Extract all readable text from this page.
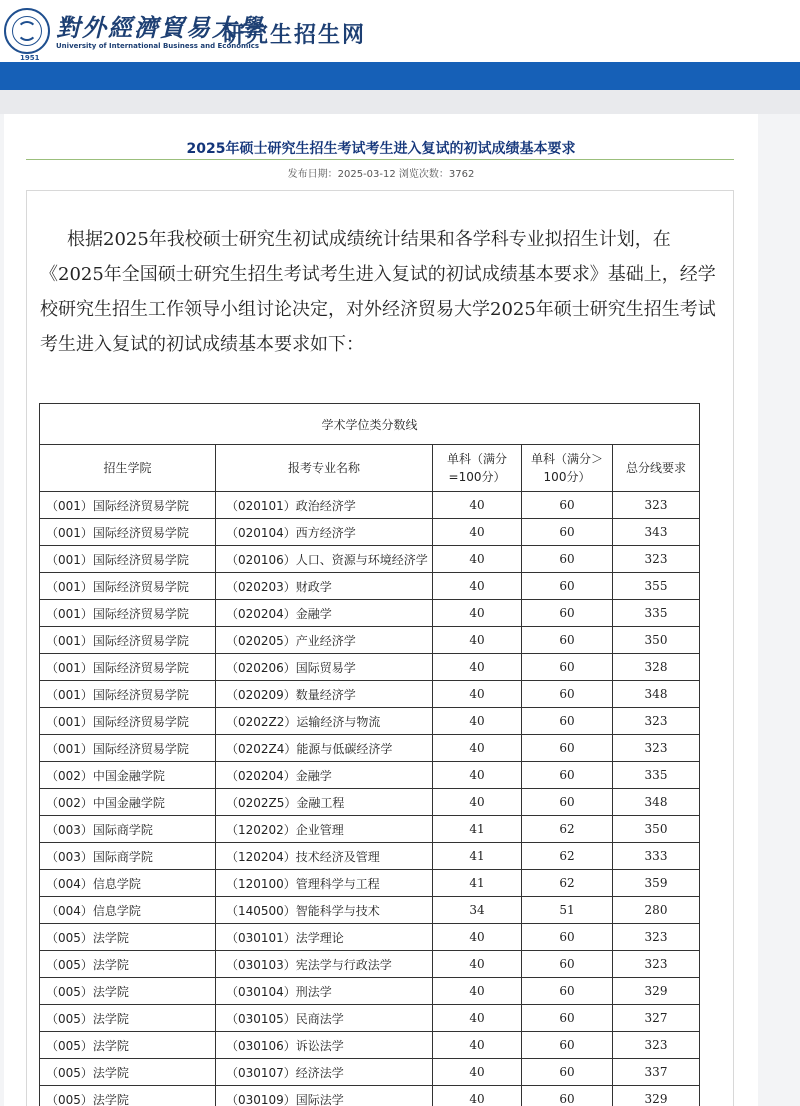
1951
對外經濟貿易大學
University of International Business and Economics
研究生招生网
2025年硕士研究生招生考试考生进入复试的初试成绩基本要求
发布日期：2025-03-12 浏览次数：3762

根据2025年我校硕士研究生初试成绩统计结果和各学科专业拟招生计划，在《2025年全国硕士研究生招生考试考生进入复试的初试成绩基本要求》基础上，经学校研究生招生工作领导小组讨论决定，对外经济贸易大学2025年硕士研究生招生考试考生进入复试的初试成绩基本要求如下：

学术学位类分数线				
招生学院	报考专业名称	单科（满分=100分）	单科（满分＞100分）	总分线要求
（001）国际经济贸易学院	（020101）政治经济学	40	60	323
（001）国际经济贸易学院	（020104）西方经济学	40	60	343
（001）国际经济贸易学院	（020106）人口、资源与环境经济学	40	60	323
（001）国际经济贸易学院	（020203）财政学	40	60	355
（001）国际经济贸易学院	（020204）金融学	40	60	335
（001）国际经济贸易学院	（020205）产业经济学	40	60	350
（001）国际经济贸易学院	（020206）国际贸易学	40	60	328
（001）国际经济贸易学院	（020209）数量经济学	40	60	348
（001）国际经济贸易学院	（0202Z2）运输经济与物流	40	60	323
（001）国际经济贸易学院	（0202Z4）能源与低碳经济学	40	60	323
（002）中国金融学院	（020204）金融学	40	60	335
（002）中国金融学院	（0202Z5）金融工程	40	60	348
（003）国际商学院	（120202）企业管理	41	62	350
（003）国际商学院	（120204）技术经济及管理	41	62	333
（004）信息学院	（120100）管理科学与工程	41	62	359
（004）信息学院	（140500）智能科学与技术	34	51	280
（005）法学院	（030101）法学理论	40	60	323
（005）法学院	（030103）宪法学与行政法学	40	60	323
（005）法学院	（030104）刑法学	40	60	329
（005）法学院	（030105）民商法学	40	60	327
（005）法学院	（030106）诉讼法学	40	60	323
（005）法学院	（030107）经济法学	40	60	337
（005）法学院	（030109）国际法学	40	60	329
